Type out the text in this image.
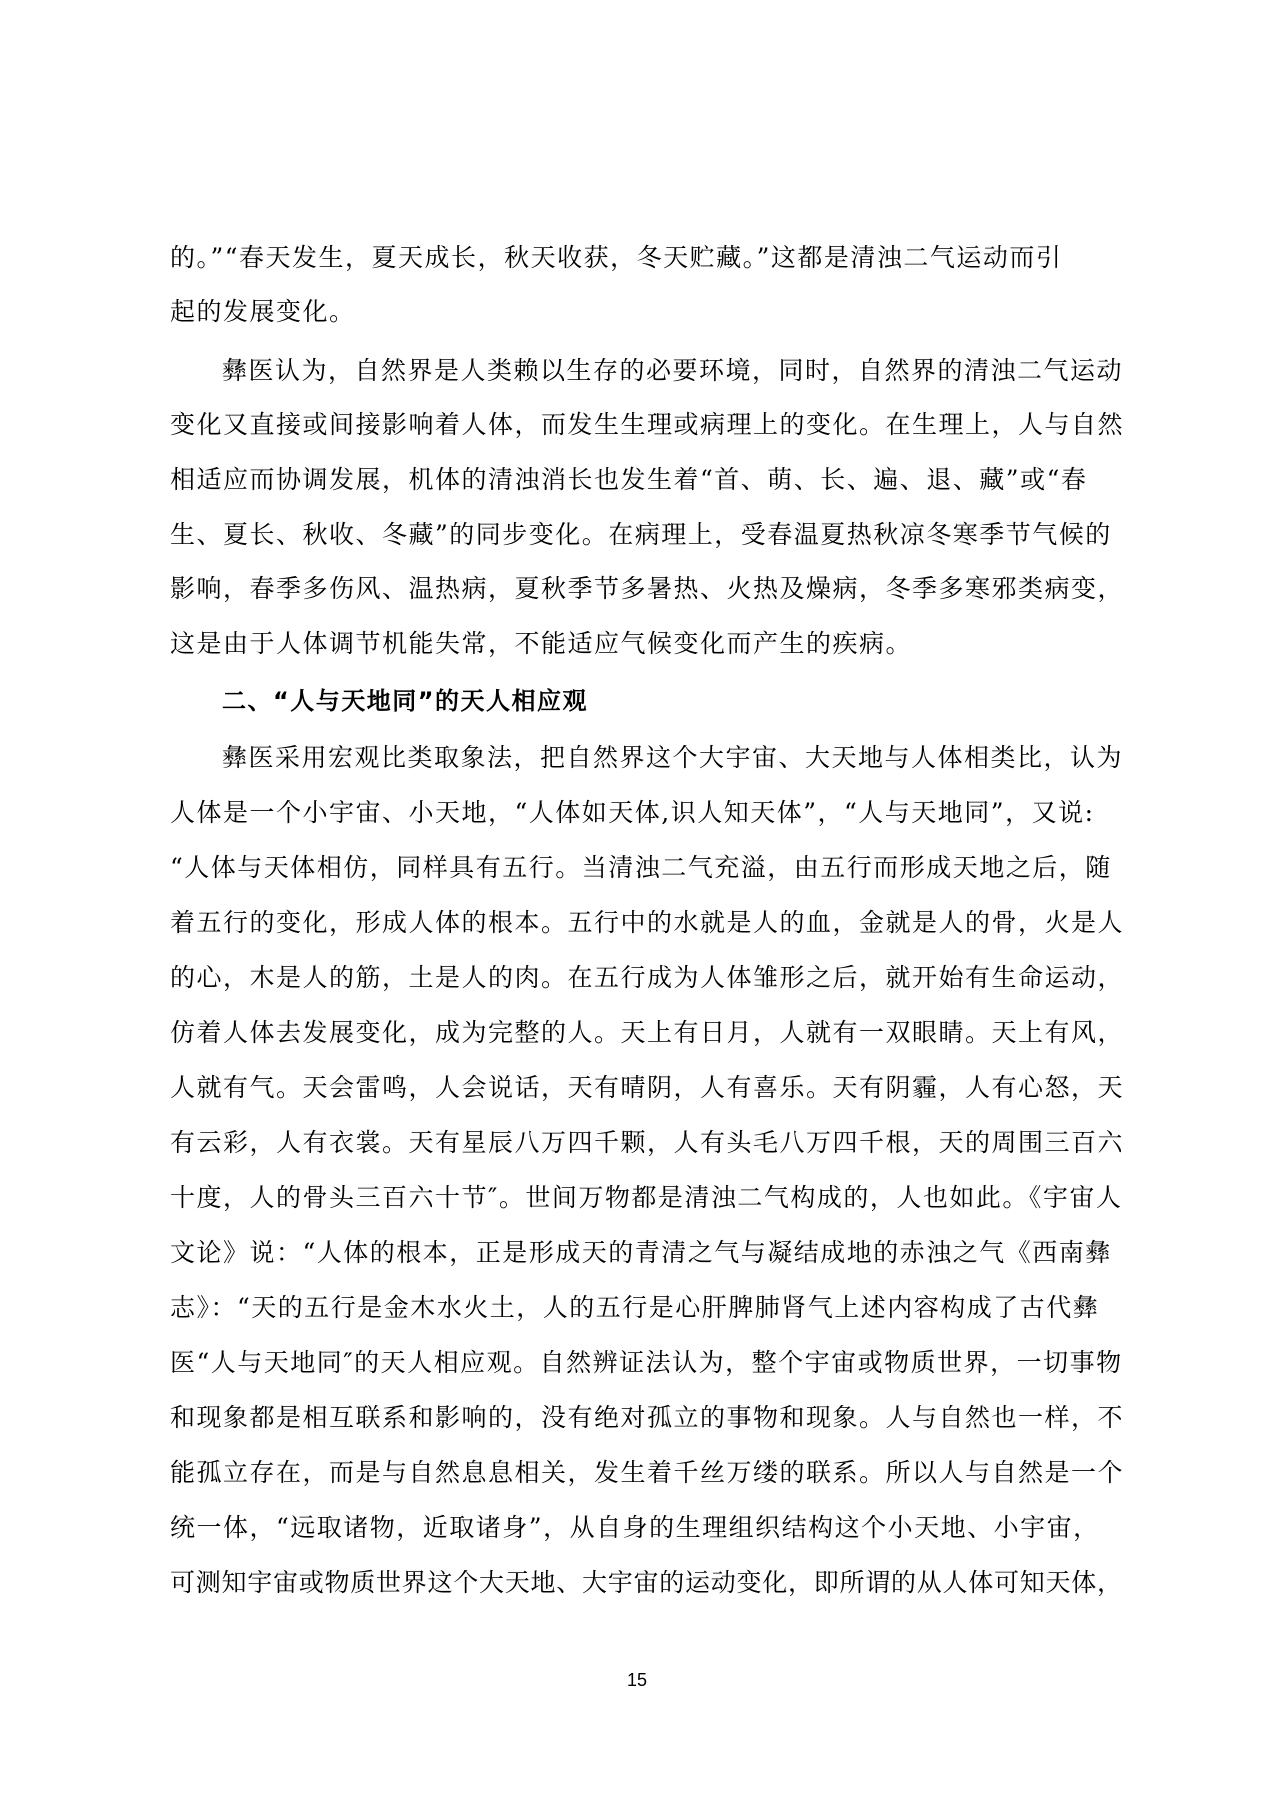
的。”“春天发生，夏天成长，秋天收获，冬天贮藏。”这都是清浊二气运动而引
起的发展变化。
彝医认为，自然界是人类赖以生存的必要环境，同时，自然界的清浊二气运动
变化又直接或间接影响着人体，而发生生理或病理上的变化。在生理上，人与自然
相适应而协调发展，机体的清浊消长也发生着“首、萌、长、遍、退、藏”或“春
生、夏长、秋收、冬藏”的同步变化。在病理上，受春温夏热秋凉冬寒季节气候的
影响，春季多伤风、温热病，夏秋季节多暑热、火热及燥病，冬季多寒邪类病变，
这是由于人体调节机能失常，不能适应气候变化而产生的疾病。
二、“人与天地同”的天人相应观
彝医采用宏观比类取象法，把自然界这个大宇宙、大天地与人体相类比，认为
人体是一个小宇宙、小天地，“人体如天体,识人知天体”，“人与天地同”，又说:
“人体与天体相仿，同样具有五行。当清浊二气充溢，由五行而形成天地之后，随
着五行的变化，形成人体的根本。五行中的水就是人的血，金就是人的骨，火是人
的心，木是人的筋，土是人的肉。在五行成为人体雏形之后，就开始有生命运动，
仿着人体去发展变化，成为完整的人。天上有日月，人就有一双眼睛。天上有风，
人就有气。天会雷鸣，人会说话，天有晴阴，人有喜乐。天有阴霾，人有心怒，天
有云彩，人有衣裳。天有星辰八万四千颗，人有头毛八万四千根，天的周围三百六
十度，人的骨头三百六十节″。世间万物都是清浊二气构成的，人也如此。《宇宙人
文论》说：“人体的根本，正是形成天的青清之气与凝结成地的赤浊之气《西南彝
志》：“天的五行是金木水火土，人的五行是心肝脾肺肾气上述内容构成了古代彝
医“人与天地同″的天人相应观。自然辨证法认为，整个宇宙或物质世界，一切事物
和现象都是相互联系和影响的，没有绝对孤立的事物和现象。人与自然也一样，不
能孤立存在，而是与自然息息相关，发生着千丝万缕的联系。所以人与自然是一个
统一体，“远取诸物，近取诸身”，从自身的生理组织结构这个小天地、小宇宙，
可测知宇宙或物质世界这个大天地、大宇宙的运动变化，即所谓的从人体可知天体，
15
